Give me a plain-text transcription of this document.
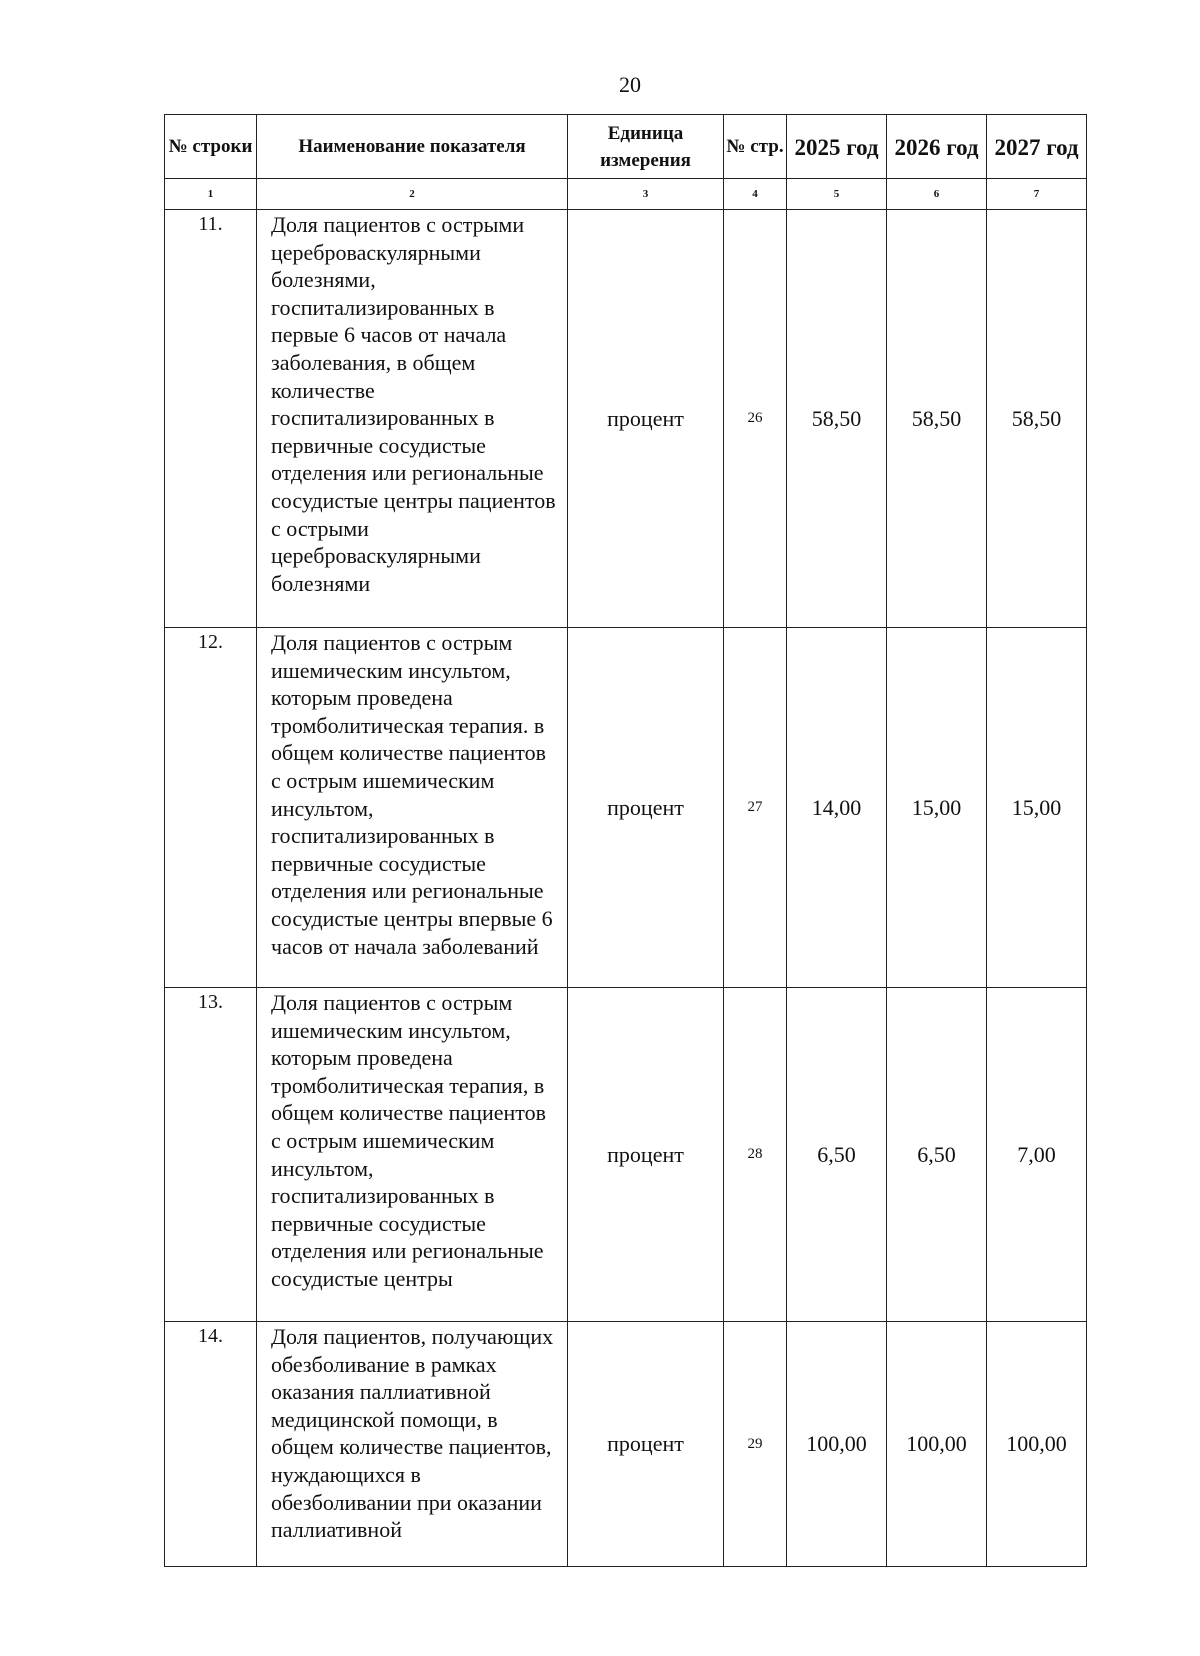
20
№ строки	Наименование показателя	Единица измерения	№ стр.	2025 год	2026 год	2027 год
1	2	3	4	5	6	7
11.	Доля пациентов с острыми цереброваскулярными болезнями, госпитализированных в первые 6 часов от начала заболевания, в общем количестве госпитализированных в первичные сосудистые отделения или региональные сосудистые центры пациентов с острыми цереброваскулярными болезнями	процент	26	58,50	58,50	58,50
12.	Доля пациентов с острым ишемическим инсультом, которым проведена тромболитическая терапия. в общем количестве пациентов с острым ишемическим инсультом, госпитализированных в первичные сосудистые отделения или региональные сосудистые центры впервые 6 часов от начала заболеваний	процент	27	14,00	15,00	15,00
13.	Доля пациентов с острым ишемическим инсультом, которым проведена тромболитическая терапия, в общем количестве пациентов с острым ишемическим инсультом, госпитализированных в первичные сосудистые отделения или региональные сосудистые центры	процент	28	6,50	6,50	7,00
14.	Доля пациентов, получающих обезболивание в рамках оказания паллиативной медицинской помощи, в общем количестве пациентов, нуждающихся в обезболивании при оказании паллиативной	процент	29	100,00	100,00	100,00
